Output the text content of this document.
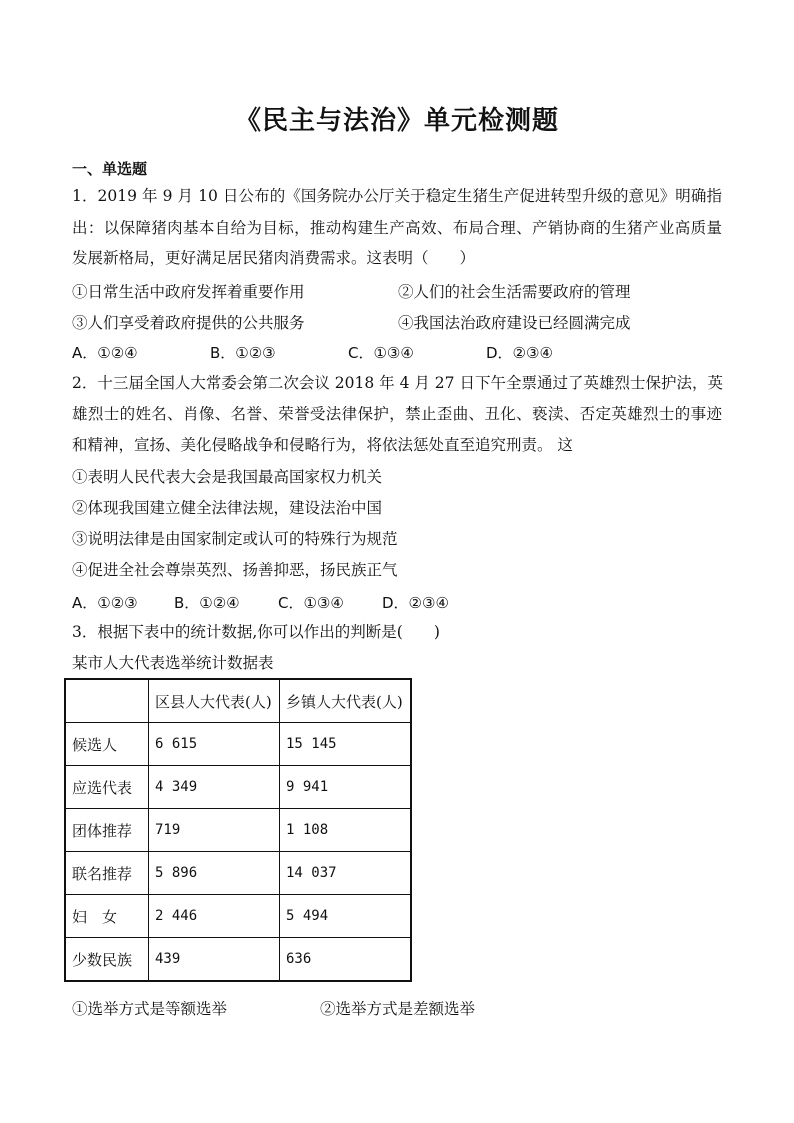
《民主与法治》单元检测题
一、单选题
1．2019 年 9 月 10 日公布的《国务院办公厅关于稳定生猪生产促进转型升级的意见》明确指
出：以保障猪肉基本自给为目标，推动构建生产高效、布局合理、产销协商的生猪产业高质量
发展新格局，更好满足居民猪肉消费需求。这表明（　　）
①日常生活中政府发挥着重要作用	②人们的社会生活需要政府的管理
③人们享受着政府提供的公共服务	④我国法治政府建设已经圆满完成
A．①②④	B．①②③	C．①③④	D．②③④
2．十三届全国人大常委会第二次会议 2018 年 4 月 27 日下午全票通过了英雄烈士保护法，英
雄烈士的姓名、肖像、名誉、荣誉受法律保护，禁止歪曲、丑化、亵渎、否定英雄烈士的事迹
和精神，宣扬、美化侵略战争和侵略行为，将依法惩处直至追究刑责。 这
①表明人民代表大会是我国最高国家权力机关
②体现我国建立健全法律法规，建设法治中国
③说明法律是由国家制定或认可的特殊行为规范
④促进全社会尊崇英烈、扬善抑恶，扬民族正气
A．①②③ B．①②④	C．①③④	D．②③④
3．根据下表中的统计数据,你可以作出的判断是(　　)
某市人大代表选举统计数据表
	区县人大代表(人)	乡镇人大代表(人)
候选人	6 615	15 145
应选代表	4 349	9 941
团体推荐	719	1 108
联名推荐	5 896	14 037
妇　女	2 446	5 494
少数民族	439	636
①选举方式是等额选举	②选举方式是差额选举
